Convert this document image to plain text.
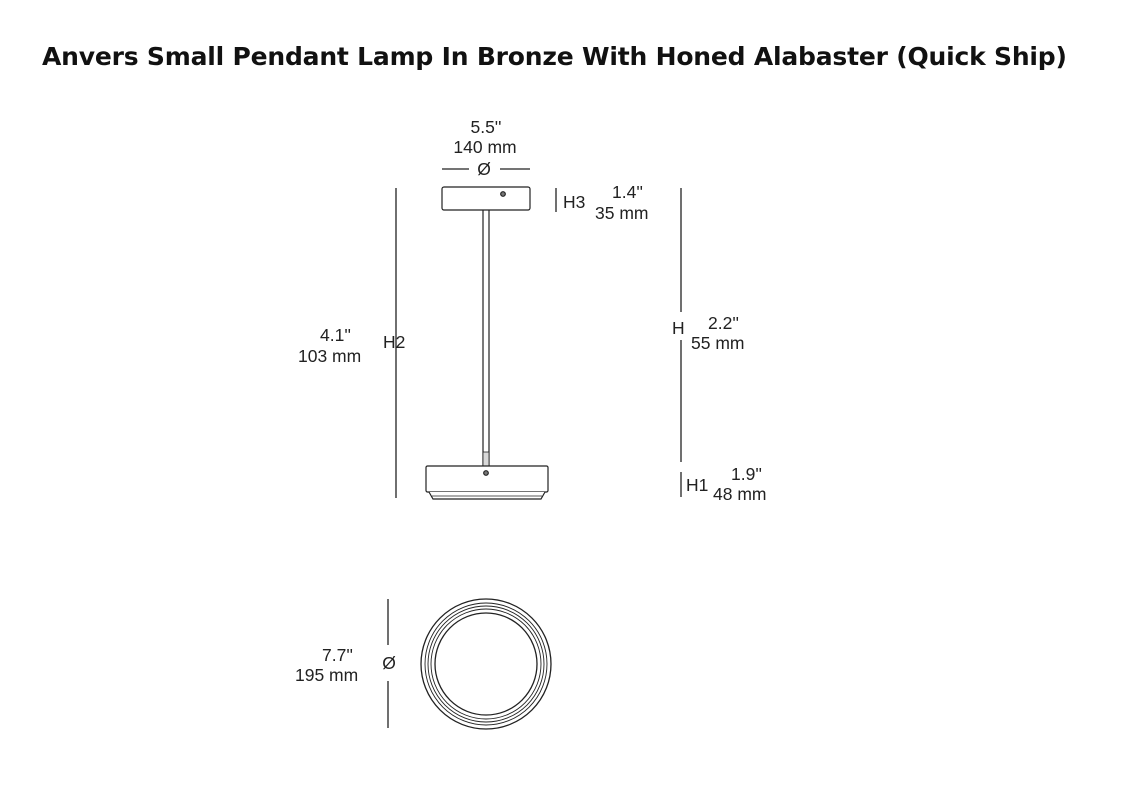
Anvers Small Pendant Lamp In Bronze With Honed Alabaster (Quick Ship)
Ø
5.5''
140 mm
H3 1.4''
35 mm
4.1''
103 mm
H2
H 2.2''
55 mm
H1
1.9''
48 mm
Ø
7.7''
195 mm
